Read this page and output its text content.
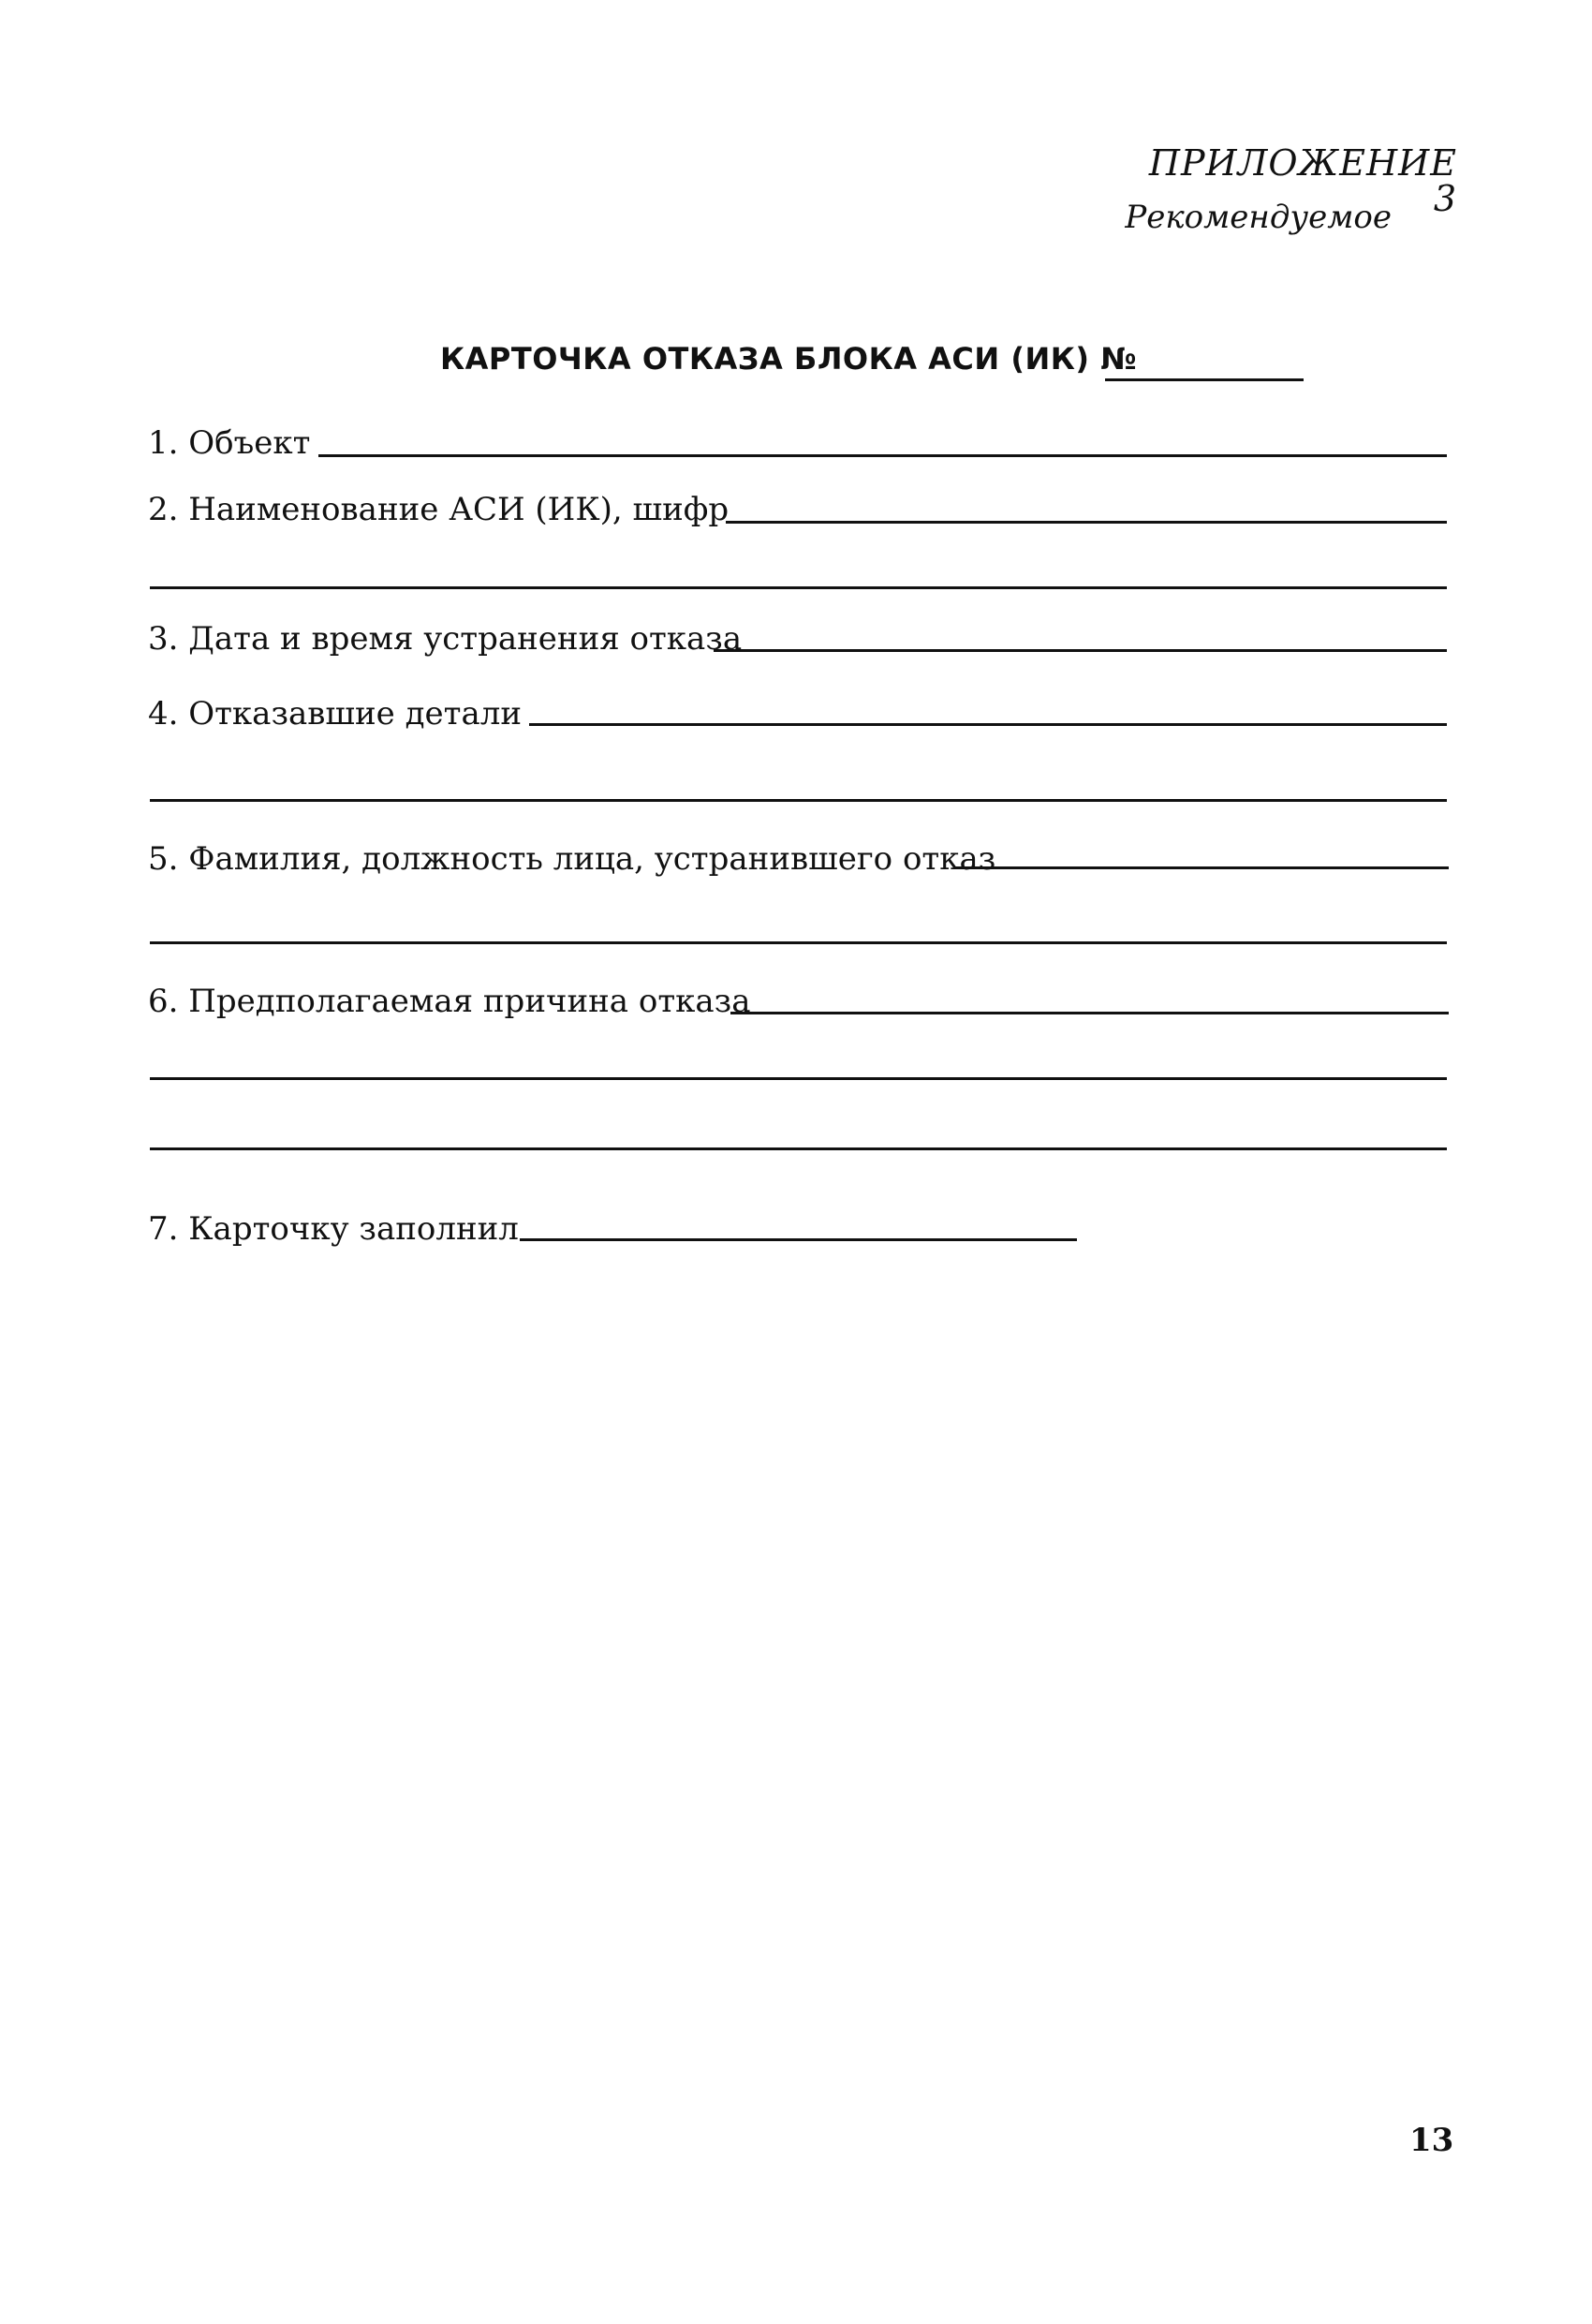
ПРИЛОЖЕНИЕ 3
Рекомендуемое
КАРТОЧКА ОТКАЗА БЛОКА АСИ (ИК) №
1. Объект
2. Наименование АСИ (ИК), шифр
3. Дата и время устранения отказа
4. Отказавшие детали
5. Фамилия, должность лица, устранившего отказ
6. Предполагаемая причина отказа
7. Карточку заполнил
13
